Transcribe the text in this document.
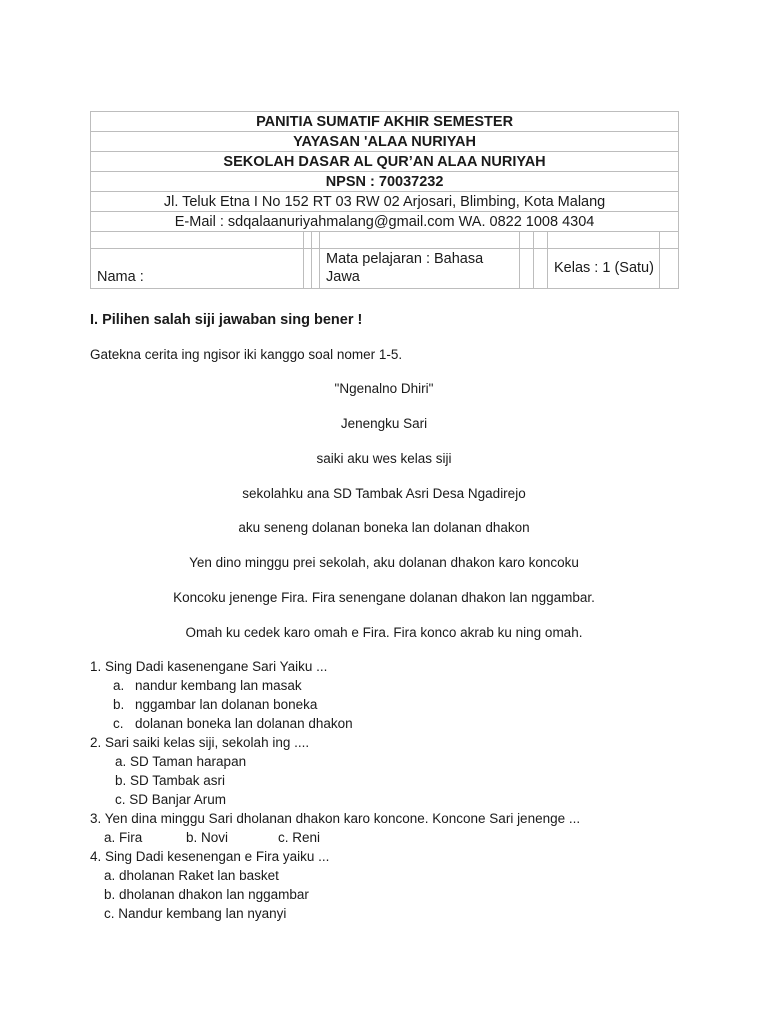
PANITIA SUMATIF AKHIR SEMESTER							
YAYASAN 'ALAA NURIYAH							
SEKOLAH DASAR AL QUR’AN ALAA NURIYAH							
NPSN : 70037232							
Jl. Teluk Etna I No 152 RT 03 RW 02 Arjosari, Blimbing, Kota Malang							
E-Mail : sdqalaanuriyahmalang@gmail.com WA. 0822 1008 4304							

Nama :			Mata pelajaran : Bahasa Jawa			Kelas : 1 (Satu)	
I. Pilihen salah siji jawaban sing bener !
Gatekna cerita ing ngisor iki kanggo soal nomer 1-5.
"Ngenalno Dhiri"
Jenengku Sari
saiki aku wes kelas siji
sekolahku ana SD Tambak Asri Desa Ngadirejo
aku seneng dolanan boneka lan dolanan dhakon
Yen dino minggu prei sekolah, aku dolanan dhakon karo koncoku
Koncoku jenenge Fira. Fira senengane dolanan dhakon lan nggambar.
Omah ku cedek karo omah e Fira. Fira konco akrab ku ning omah.
1. Sing Dadi kasenengane Sari Yaiku ...
a. nandur kembang lan masak
b. nggambar lan dolanan boneka
c. dolanan boneka lan dolanan dhakon
2. Sari saiki kelas siji, sekolah ing ....
a. SD Taman harapan
b. SD Tambak asri
c. SD Banjar Arum
3. Yen dina minggu Sari dholanan dhakon karo koncone. Koncone Sari jenenge ...
a. Fira	b. Novi	c. Reni
4. Sing Dadi kesenengan e Fira yaiku ...
a. dholanan Raket lan basket
b. dholanan dhakon lan nggambar
c. Nandur kembang lan nyanyi
